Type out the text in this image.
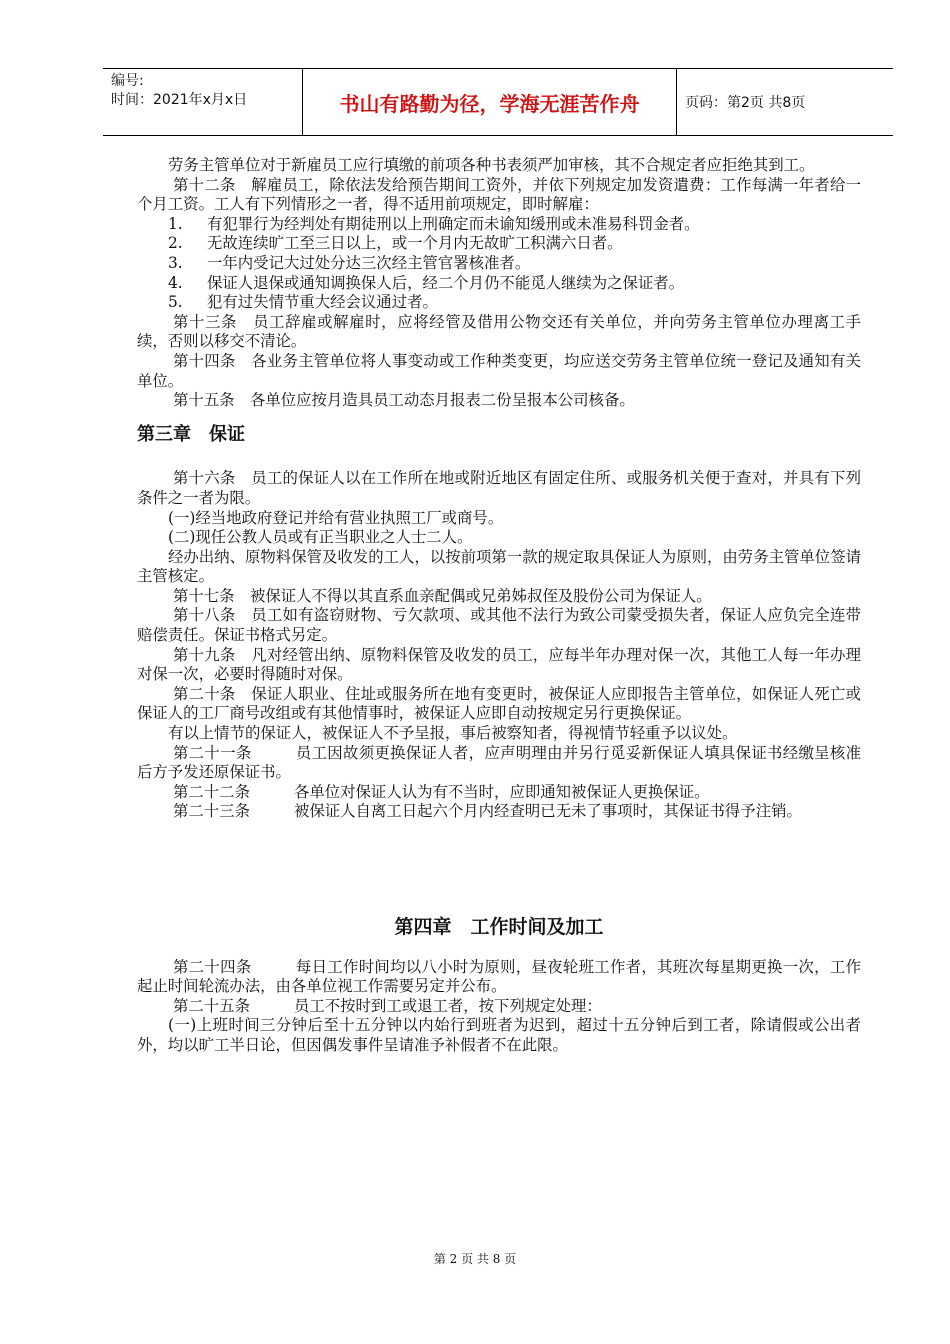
编号:
时间：2021年x月x日	书山有路勤为径，学海无涯苦作舟	页码：第2页 共8页

劳务主管单位对于新雇员工应行填缴的前项各种书表须严加审核，其不合规定者应拒绝其到工。

第十二条　解雇员工，除依法发给预告期间工资外，并依下列规定加发资遣费：工作每满一年者给一个月工资。工人有下列情形之一者，得不适用前项规定，即时解雇：

1. 有犯罪行为经判处有期徒刑以上刑确定而未谕知缓刑或未准易科罚金者。

2. 无故连续旷工至三日以上，或一个月内无故旷工积满六日者。

3. 一年内受记大过处分达三次经主管官署核准者。

4. 保证人退保或通知调换保人后，经二个月仍不能觅人继续为之保证者。

5. 犯有过失情节重大经会议通过者。

第十三条　员工辞雇或解雇时，应将经管及借用公物交还有关单位，并向劳务主管单位办理离工手续，否则以移交不清论。

第十四条　各业务主管单位将人事变动或工作种类变更，均应送交劳务主管单位统一登记及通知有关单位。

第十五条　各单位应按月造具员工动态月报表二份呈报本公司核备。

第三章　保证

第十六条　员工的保证人以在工作所在地或附近地区有固定住所、或服务机关便于查对，并具有下列条件之一者为限。

(一)经当地政府登记并给有营业执照工厂或商号。

(二)现任公教人员或有正当职业之人士二人。

经办出纳、原物料保管及收发的工人，以按前项第一款的规定取具保证人为原则，由劳务主管单位签请主管核定。

第十七条　被保证人不得以其直系血亲配偶或兄弟姊叔侄及股份公司为保证人。

第十八条　员工如有盗窃财物、亏欠款项、或其他不法行为致公司蒙受损失者，保证人应负完全连带赔偿责任。保证书格式另定。

第十九条　凡对经管出纳、原物料保管及收发的员工，应每半年办理对保一次，其他工人每一年办理对保一次，必要时得随时对保。

第二十条　保证人职业、住址或服务所在地有变更时，被保证人应即报告主管单位，如保证人死亡或保证人的工厂商号改组或有其他情事时，被保证人应即自动按规定另行更换保证。

有以上情节的保证人，被保证人不予呈报，事后被察知者，得视情节轻重予以议处。

第二十一条	员工因故须更换保证人者，应声明理由并另行觅妥新保证人填具保证书经缴呈核准后方予发还原保证书。

第二十二条	各单位对保证人认为有不当时，应即通知被保证人更换保证。

第二十三条	被保证人自离工日起六个月内经查明已无未了事项时，其保证书得予注销。

第四章　工作时间及加工

第二十四条	每日工作时间均以八小时为原则，昼夜轮班工作者，其班次每星期更换一次，工作起止时间轮流办法，由各单位视工作需要另定并公布。

第二十五条	员工不按时到工或退工者，按下列规定处理：

(一)上班时间三分钟后至十五分钟以内始行到班者为迟到，超过十五分钟后到工者，除请假或公出者外，均以旷工半日论，但因偶发事件呈请准予补假者不在此限。

第 2 页 共 8 页
